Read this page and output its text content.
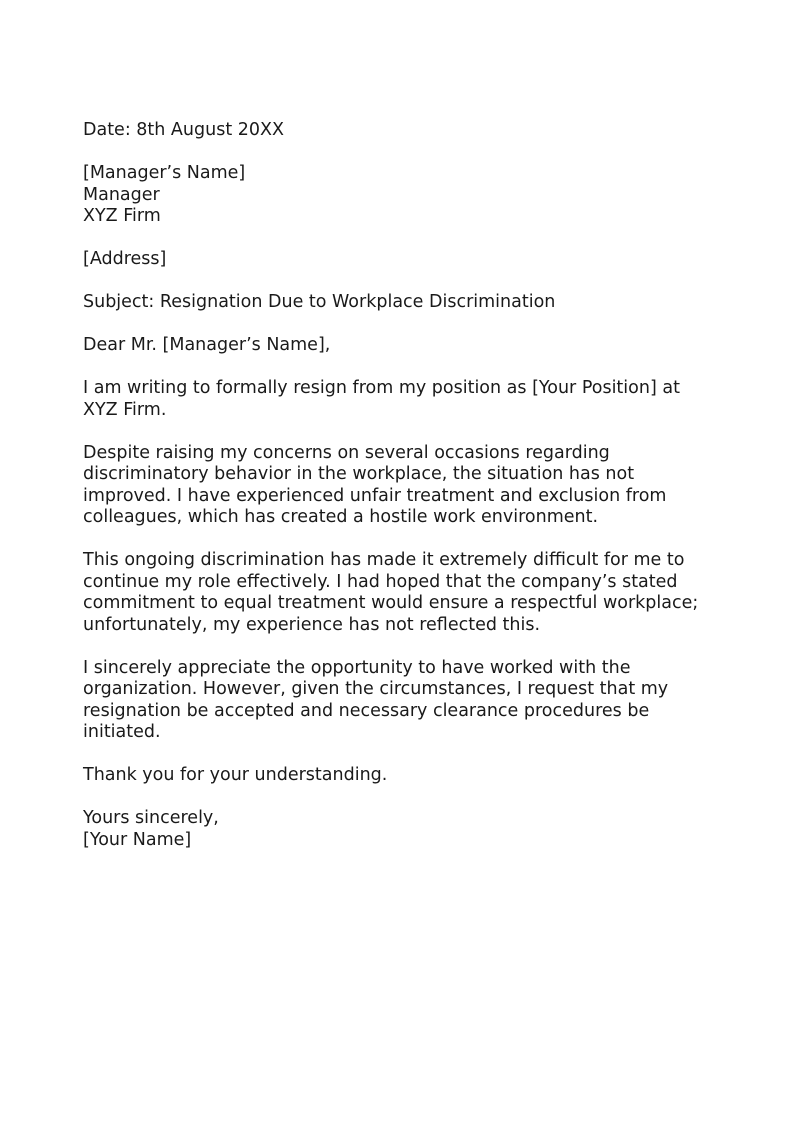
Date: 8th August 20XX
[Manager’s Name]
Manager
XYZ Firm
[Address]
Subject: Resignation Due to Workplace Discrimination
Dear Mr. [Manager’s Name],
I am writing to formally resign from my position as [Your Position] at
XYZ Firm.
Despite raising my concerns on several occasions regarding
discriminatory behavior in the workplace, the situation has not
improved. I have experienced unfair treatment and exclusion from
colleagues, which has created a hostile work environment.
This ongoing discrimination has made it extremely difficult for me to
continue my role effectively. I had hoped that the company’s stated
commitment to equal treatment would ensure a respectful workplace;
unfortunately, my experience has not reflected this.
I sincerely appreciate the opportunity to have worked with the
organization. However, given the circumstances, I request that my
resignation be accepted and necessary clearance procedures be
initiated.
Thank you for your understanding.
Yours sincerely,
[Your Name]
